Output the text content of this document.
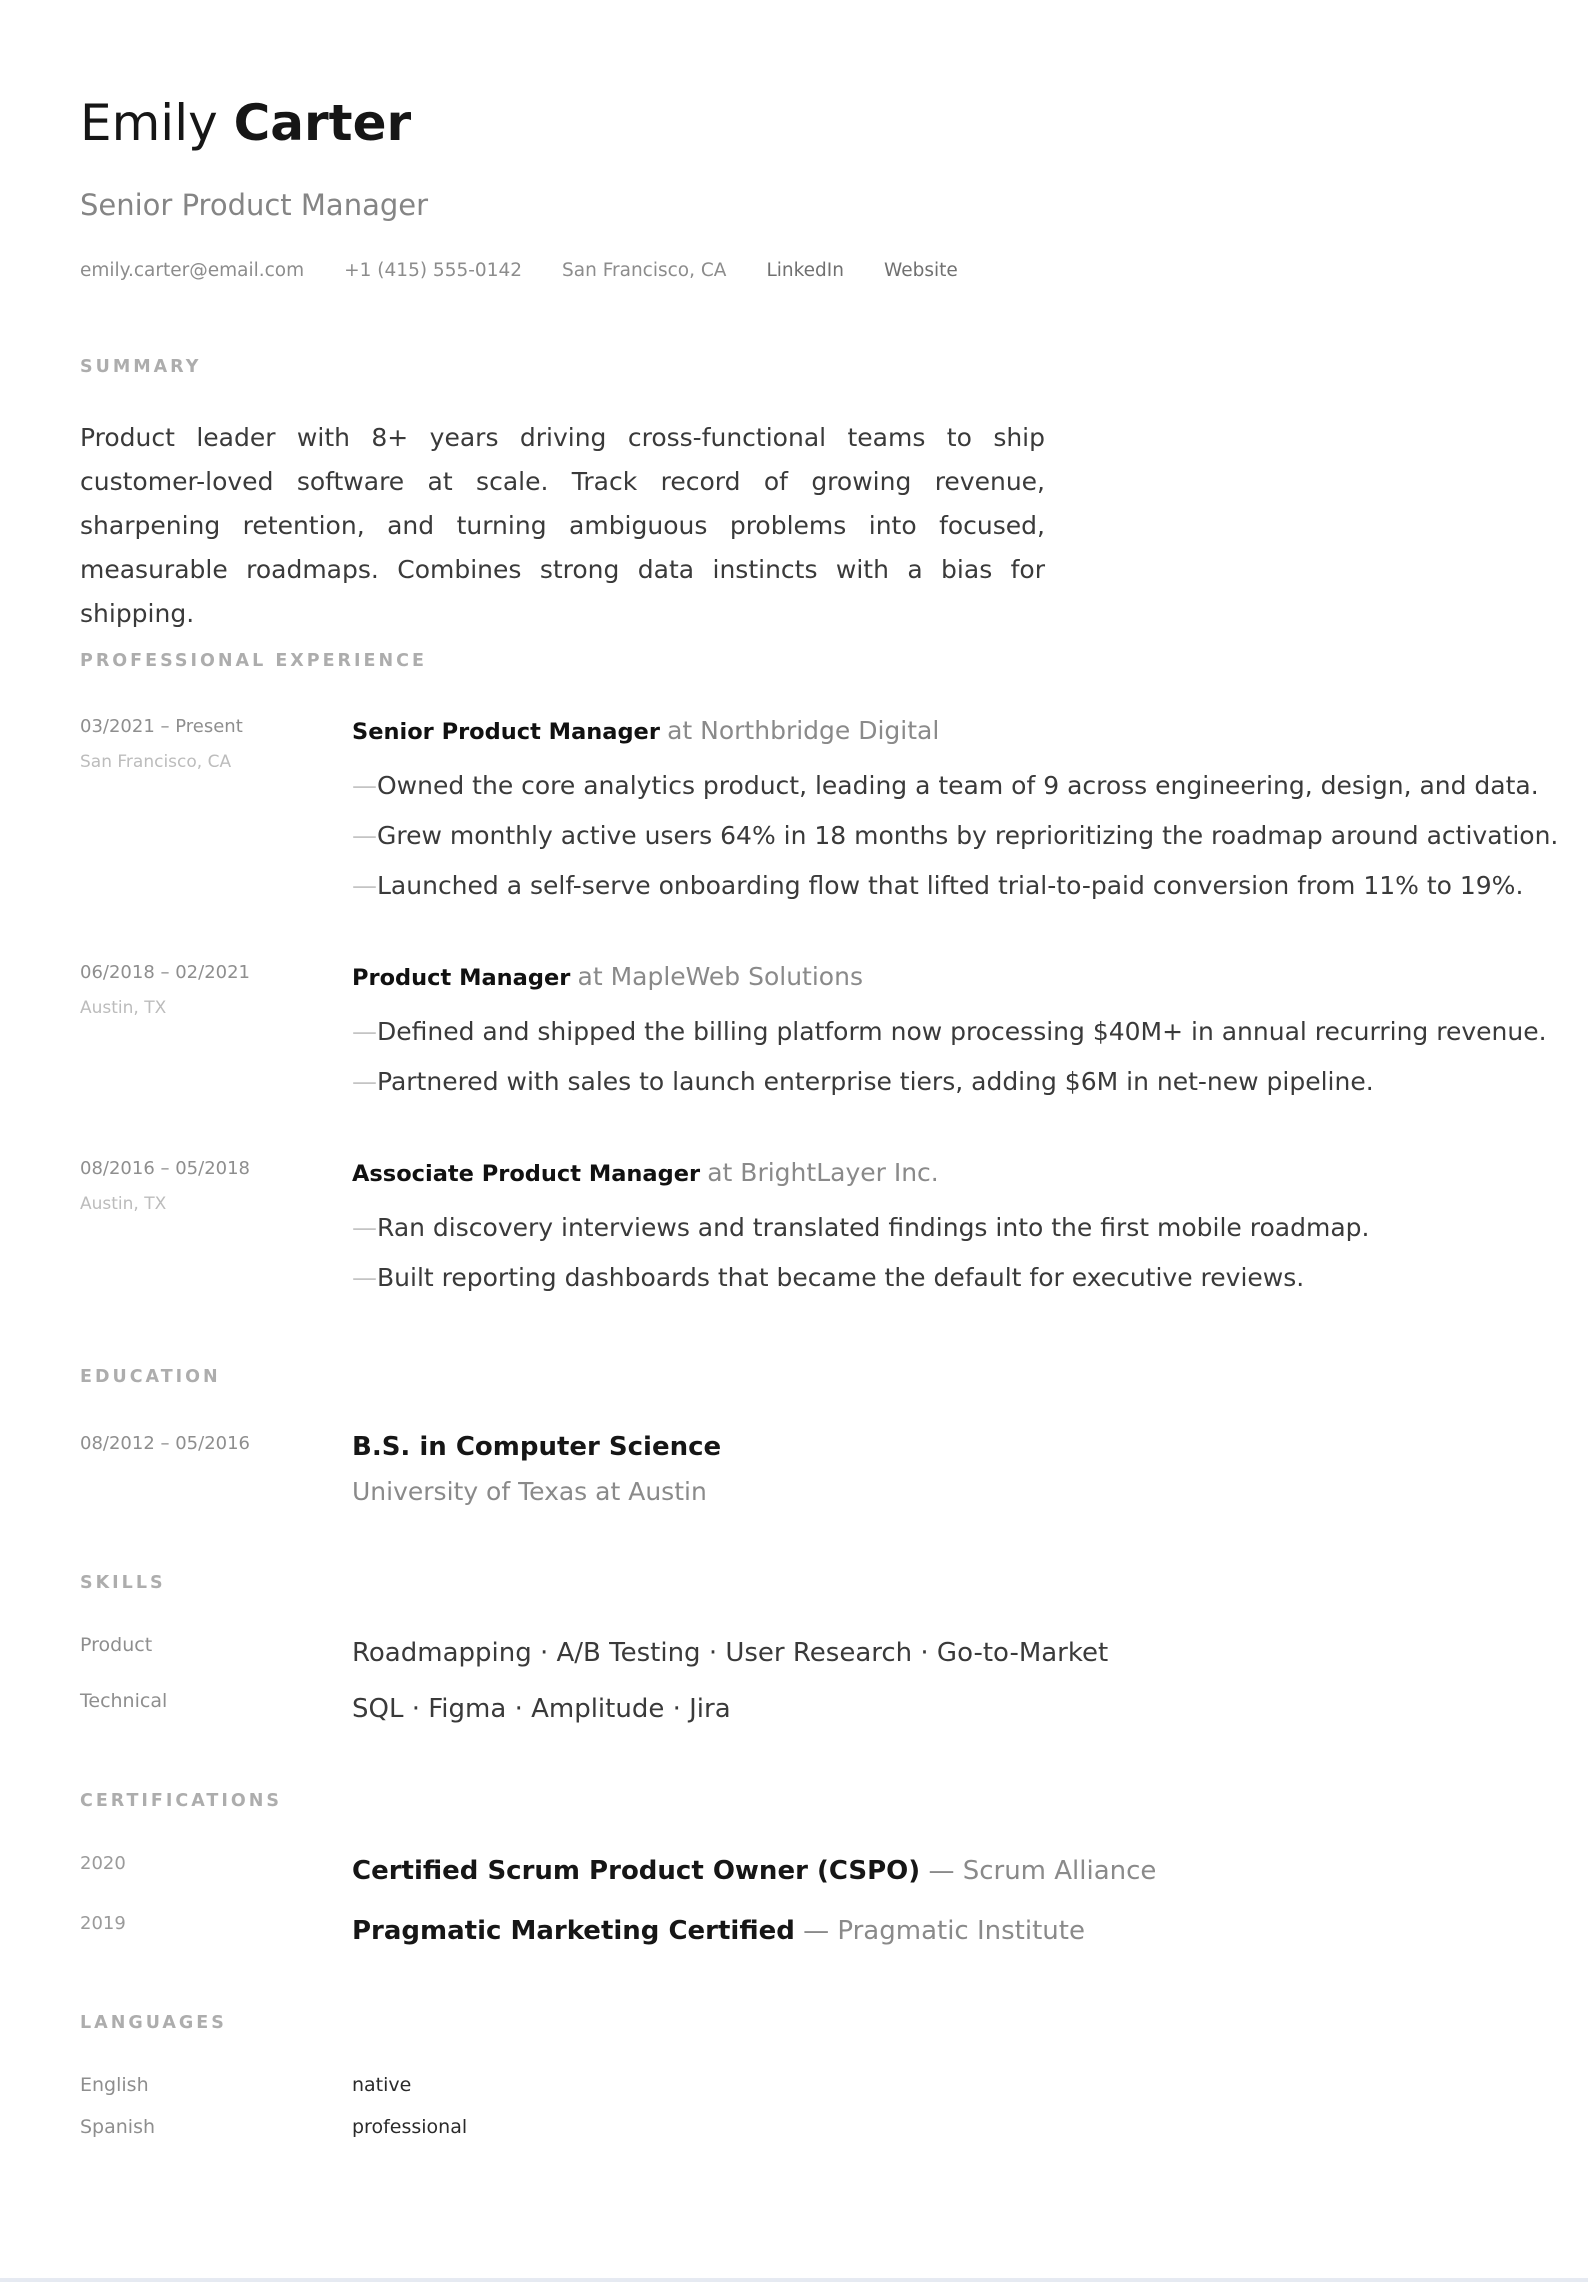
Emily Carter
Senior Product Manager
emily.carter@email.com +1 (415) 555-0142 San Francisco, CA LinkedIn Website
SUMMARY
Product leader with 8+ years driving cross-functional teams to ship customer-loved software at scale. Track record of growing revenue, sharpening retention, and turning ambiguous problems into focused, measurable roadmaps. Combines strong data instincts with a bias for shipping.
PROFESSIONAL EXPERIENCE
03/2021 – Present
San Francisco, CA
Senior Product Manager at Northbridge Digital
—Owned the core analytics product, leading a team of 9 across engineering, design, and data.
—Grew monthly active users 64% in 18 months by reprioritizing the roadmap around activation.
—Launched a self-serve onboarding flow that lifted trial-to-paid conversion from 11% to 19%.
06/2018 – 02/2021
Austin, TX
Product Manager at MapleWeb Solutions
—Defined and shipped the billing platform now processing $40M+ in annual recurring revenue.
—Partnered with sales to launch enterprise tiers, adding $6M in net-new pipeline.
08/2016 – 05/2018
Austin, TX
Associate Product Manager at BrightLayer Inc.
—Ran discovery interviews and translated findings into the first mobile roadmap.
—Built reporting dashboards that became the default for executive reviews.
EDUCATION
08/2012 – 05/2016	B.S. in Computer Science
University of Texas at Austin
SKILLS
Product	Roadmapping · A/B Testing · User Research · Go-to-Market
Technical	SQL · Figma · Amplitude · Jira
CERTIFICATIONS
2020	Certified Scrum Product Owner (CSPO) — Scrum Alliance
2019	Pragmatic Marketing Certified — Pragmatic Institute
LANGUAGES
English	native
Spanish	professional
